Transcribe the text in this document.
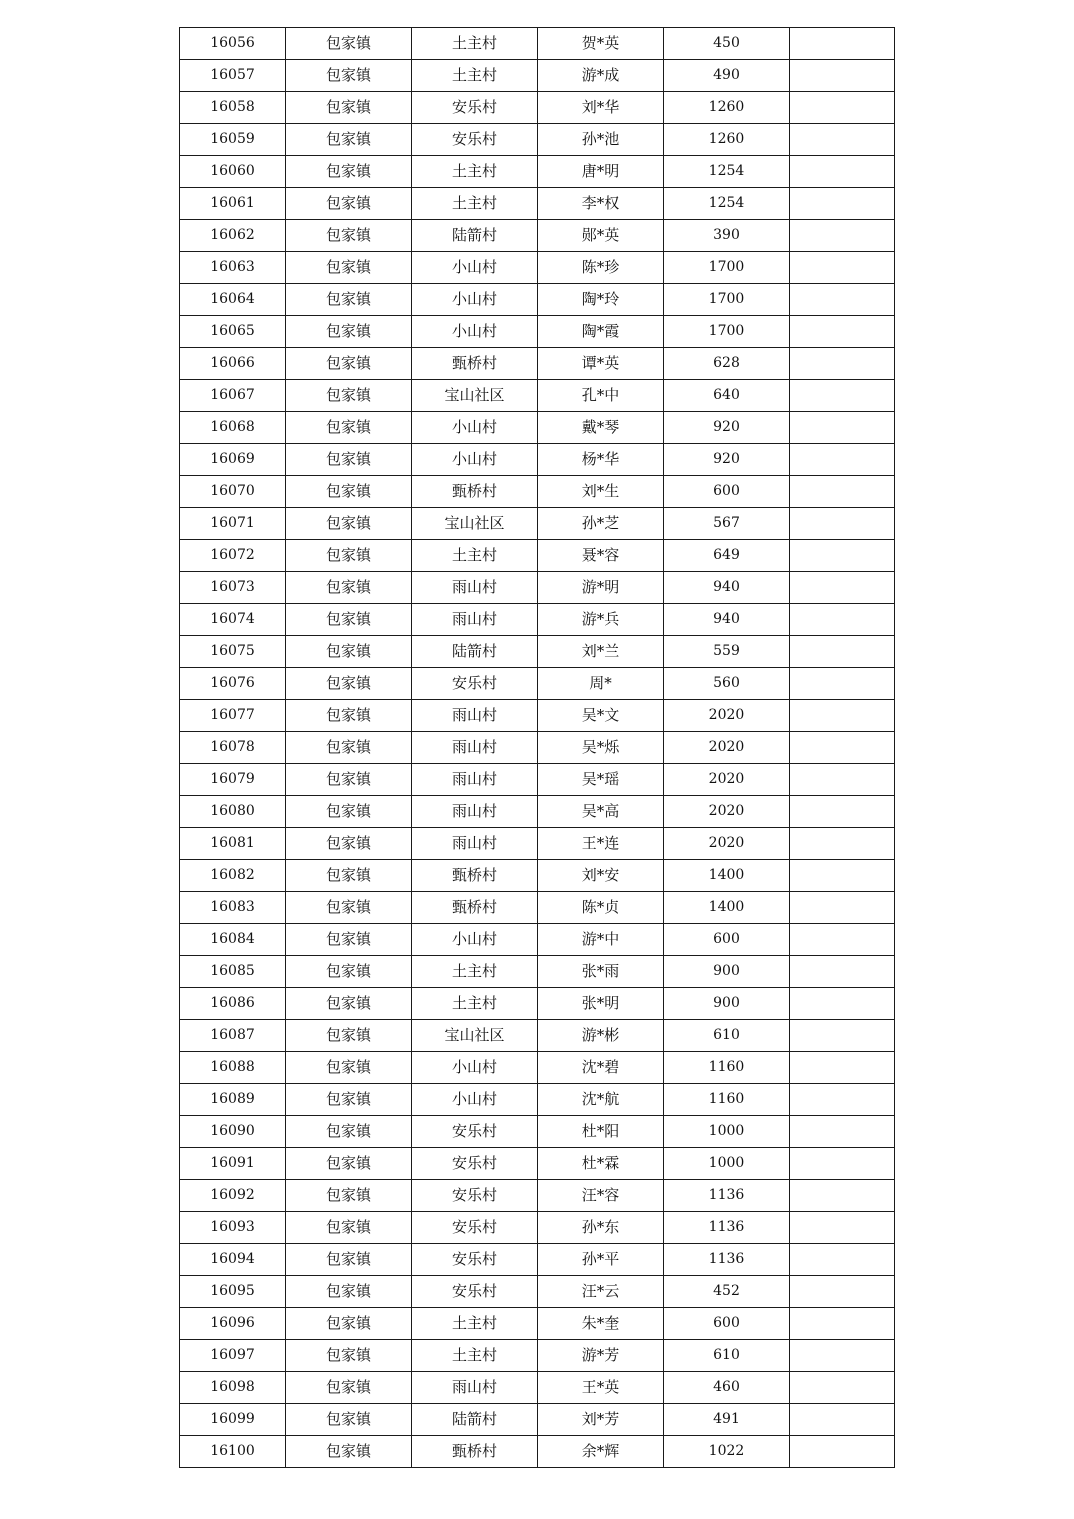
16056	包家镇	土主村	贺*英	450	
16057	包家镇	土主村	游*成	490	
16058	包家镇	安乐村	刘*华	1260	
16059	包家镇	安乐村	孙*池	1260	
16060	包家镇	土主村	唐*明	1254	
16061	包家镇	土主村	李*权	1254	
16062	包家镇	陆箭村	郧*英	390	
16063	包家镇	小山村	陈*珍	1700	
16064	包家镇	小山村	陶*玲	1700	
16065	包家镇	小山村	陶*霞	1700	
16066	包家镇	甄桥村	谭*英	628	
16067	包家镇	宝山社区	孔*中	640	
16068	包家镇	小山村	戴*琴	920	
16069	包家镇	小山村	杨*华	920	
16070	包家镇	甄桥村	刘*生	600	
16071	包家镇	宝山社区	孙*芝	567	
16072	包家镇	土主村	聂*容	649	
16073	包家镇	雨山村	游*明	940	
16074	包家镇	雨山村	游*兵	940	
16075	包家镇	陆箭村	刘*兰	559	
16076	包家镇	安乐村	周*	560	
16077	包家镇	雨山村	吴*文	2020	
16078	包家镇	雨山村	吴*烁	2020	
16079	包家镇	雨山村	吴*瑶	2020	
16080	包家镇	雨山村	吴*高	2020	
16081	包家镇	雨山村	王*连	2020	
16082	包家镇	甄桥村	刘*安	1400	
16083	包家镇	甄桥村	陈*贞	1400	
16084	包家镇	小山村	游*中	600	
16085	包家镇	土主村	张*雨	900	
16086	包家镇	土主村	张*明	900	
16087	包家镇	宝山社区	游*彬	610	
16088	包家镇	小山村	沈*碧	1160	
16089	包家镇	小山村	沈*航	1160	
16090	包家镇	安乐村	杜*阳	1000	
16091	包家镇	安乐村	杜*霖	1000	
16092	包家镇	安乐村	汪*容	1136	
16093	包家镇	安乐村	孙*东	1136	
16094	包家镇	安乐村	孙*平	1136	
16095	包家镇	安乐村	汪*云	452	
16096	包家镇	土主村	朱*奎	600	
16097	包家镇	土主村	游*芳	610	
16098	包家镇	雨山村	王*英	460	
16099	包家镇	陆箭村	刘*芳	491	
16100	包家镇	甄桥村	余*辉	1022	
